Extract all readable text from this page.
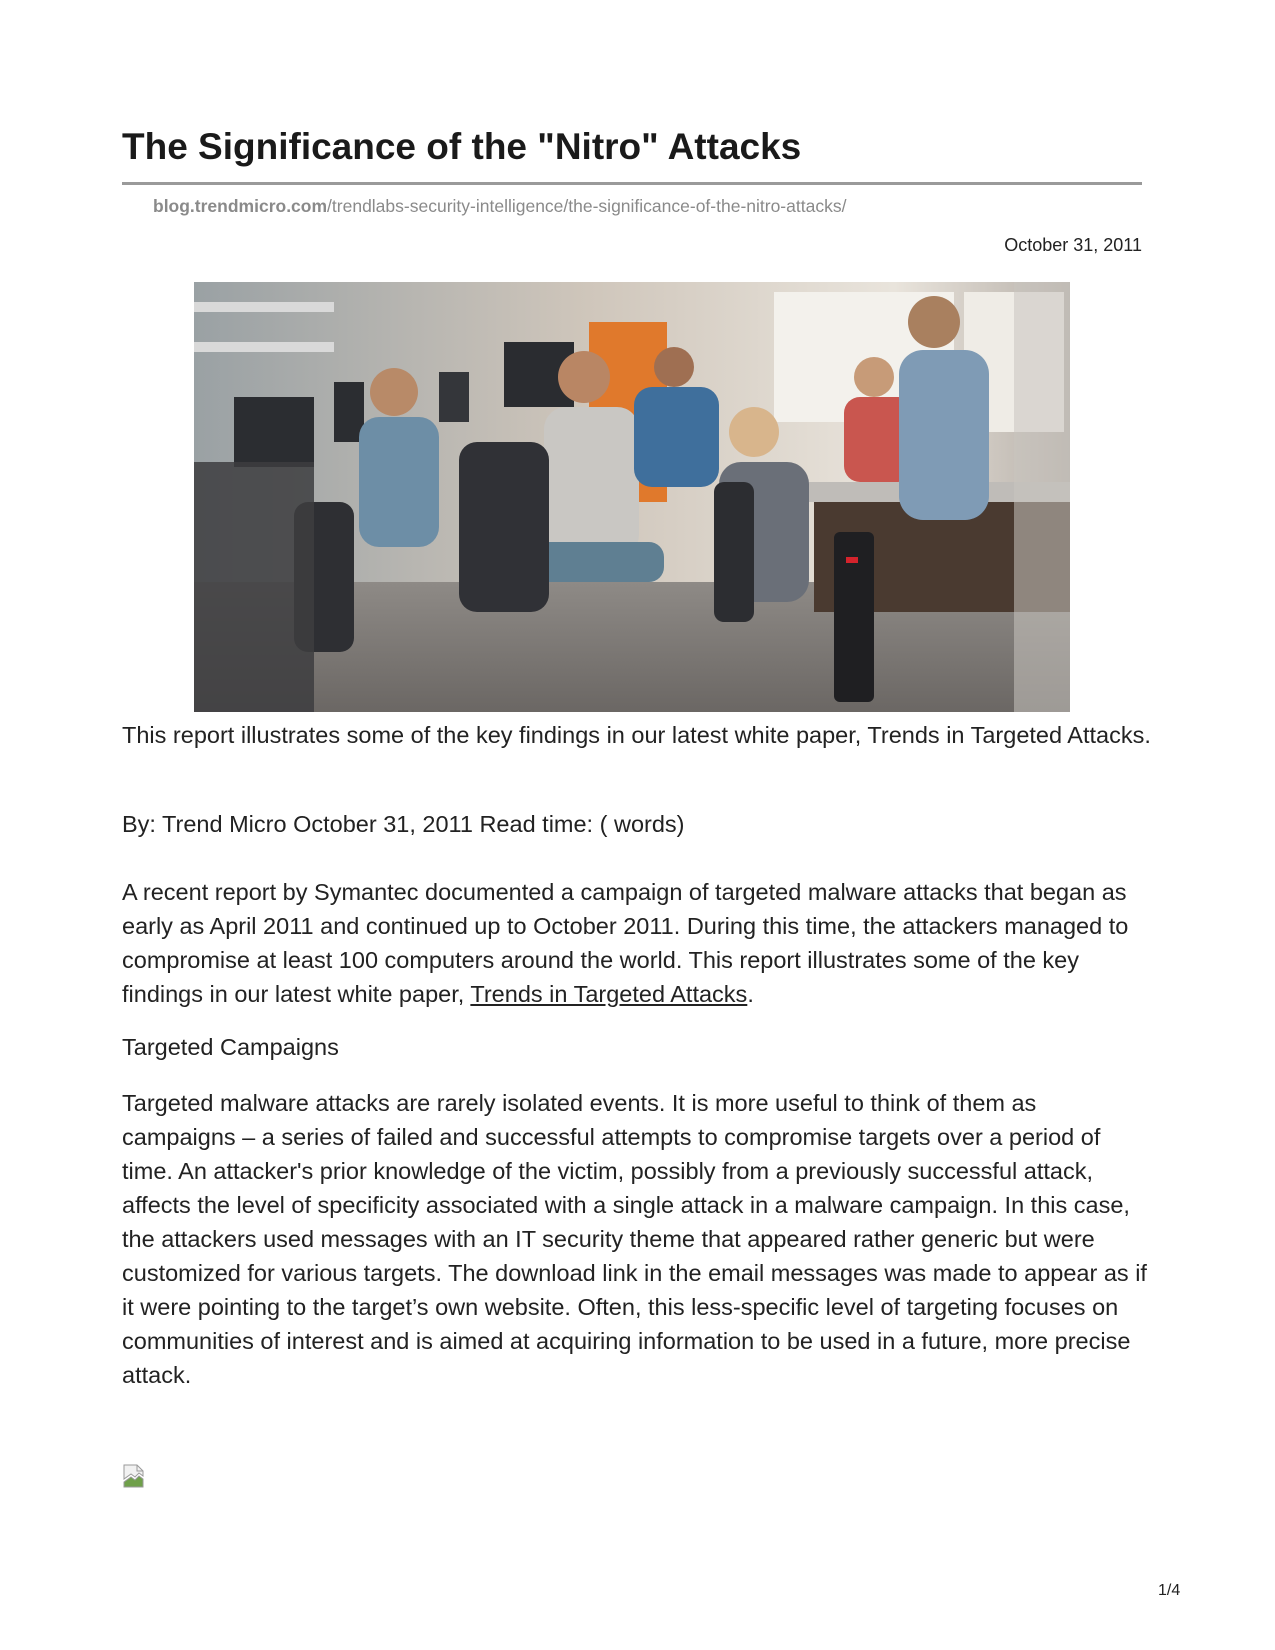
The Significance of the "Nitro" Attacks
blog.trendmicro.com/trendlabs-security-intelligence/the-significance-of-the-nitro-attacks/
October 31, 2011

This report illustrates some of the key findings in our latest white paper, Trends in Targeted Attacks.

By: Trend Micro October 31, 2011 Read time: ( words)

A recent report by Symantec documented a campaign of targeted malware attacks that began as early as April 2011 and continued up to October 2011. During this time, the attackers managed to compromise at least 100 computers around the world. This report illustrates some of the key findings in our latest white paper, Trends in Targeted Attacks.

Targeted Campaigns

Targeted malware attacks are rarely isolated events. It is more useful to think of them as campaigns – a series of failed and successful attempts to compromise targets over a period of time. An attacker's prior knowledge of the victim, possibly from a previously successful attack, affects the level of specificity associated with a single attack in a malware campaign. In this case, the attackers used messages with an IT security theme that appeared rather generic but were customized for various targets. The download link in the email messages was made to appear as if it were pointing to the target’s own website. Often, this less-specific level of targeting focuses on communities of interest and is aimed at acquiring information to be used in a future, more precise attack.

1/4
